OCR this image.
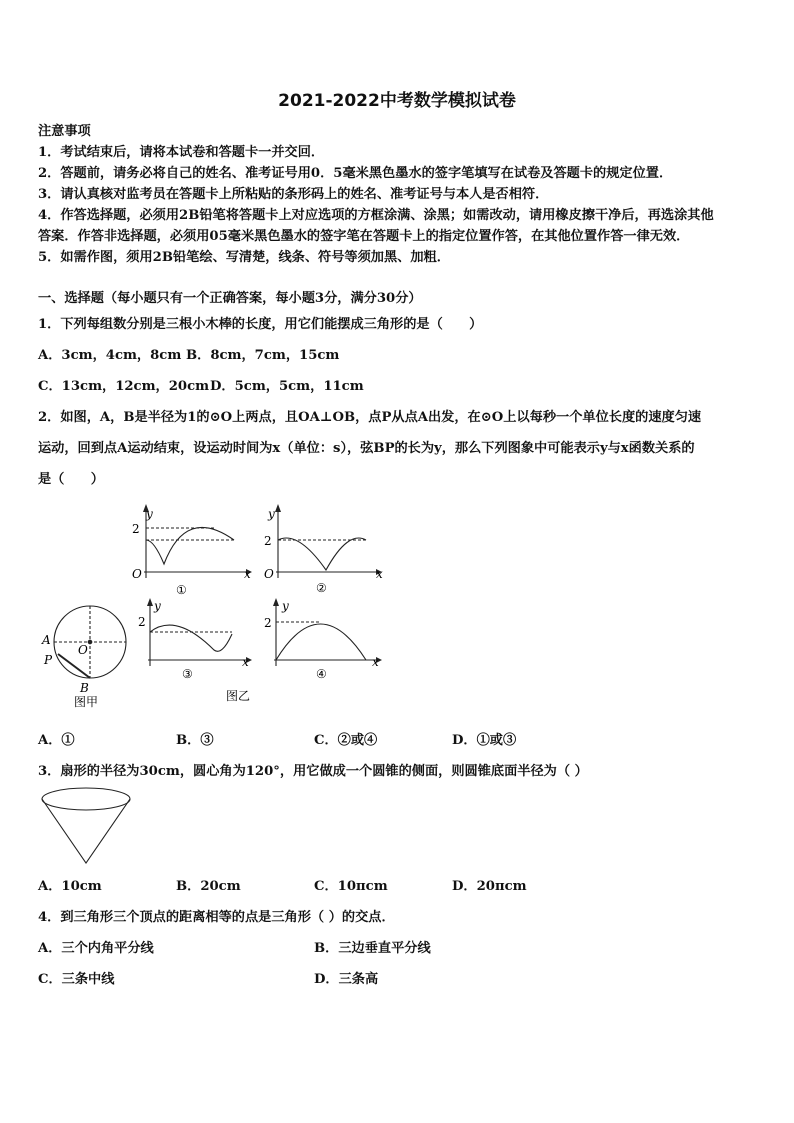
2021-2022中考数学模拟试卷
注意事项
1．考试结束后，请将本试卷和答题卡一并交回．
2．答题前，请务必将自己的姓名、准考证号用0．5毫米黑色墨水的签字笔填写在试卷及答题卡的规定位置．
3．请认真核对监考员在答题卡上所粘贴的条形码上的姓名、准考证号与本人是否相符．
4．作答选择题，必须用2B铅笔将答题卡上对应选项的方框涂满、涂黑；如需改动，请用橡皮擦干净后，再选涂其他
答案．作答非选择题，必须用05毫米黑色墨水的签字笔在答题卡上的指定位置作答，在其他位置作答一律无效．
5．如需作图，须用2B铅笔绘、写清楚，线条、符号等须加黑、加粗．
一、选择题（每小题只有一个正确答案，每小题3分，满分30分）
1．下列每组数分别是三根小木棒的长度，用它们能摆成三角形的是（　　）
A．3cm，4cm，8cm B．8cm，7cm，15cm
C．13cm，12cm，20cm D．5cm，5cm，11cm
2．如图，A，B是半径为1的⊙O上两点，且OA⊥OB，点P从点A出发，在⊙O上以每秒一个单位长度的速度匀速
运动，回到点A运动结束，设运动时间为x（单位：s），弦BP的长为y，那么下列图象中可能表示y与x函数关系的
是（　　）
2
y
O	x
①
2
y
O	x
②
2
y
x
③
2
y
x
④
A
P
O
B
图甲	图乙
A．①	B．③	C．②或④	D．①或③
3．扇形的半径为30cm，圆心角为120°，用它做成一个圆锥的侧面，则圆锥底面半径为（ ）
A．10cm	B．20cm	C．10πcm	D．20πcm
4．到三角形三个顶点的距离相等的点是三角形（ ）的交点．
A．三个内角平分线	B．三边垂直平分线
C．三条中线	D．三条高
